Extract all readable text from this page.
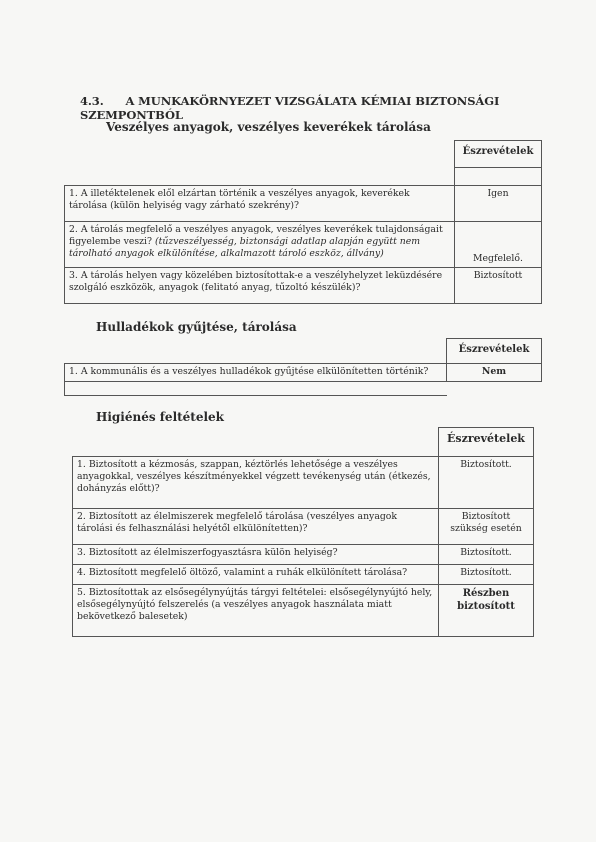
4.3. A MUNKAKÖRNYEZET VIZSGÁLATA KÉMIAI BIZTONSÁGI SZEMPONTBÓL
Veszélyes anyagok, veszélyes keverékek tárolása
	Észrevételek

1. A illetéktelenek elől elzártan történik a veszélyes anyagok, keverékek tárolása (külön helyiség vagy zárható szekrény)?	Igen
2. A tárolás megfelelő a veszélyes anyagok, veszélyes keverékek tulajdonságait figyelembe veszi? (tűzveszélyesség, biztonsági adatlap alapján együtt nem tárolható anyagok elkülönítése, alkalmazott tároló eszköz, állvány)	Megfelelő.
3. A tárolás helyen vagy közelében biztosítottak-e a veszélyhelyzet leküzdésére szolgáló eszközök, anyagok (felitató anyag, tűzoltó készülék)?	Biztosított
Hulladékok gyűjtése, tárolása
	Észrevételek
1. A kommunális és a veszélyes hulladékok gyűjtése elkülönítetten történik?	Nem

Higiénés feltételek
	Észrevételek
1. Biztosított a kézmosás, szappan, kéztörlés lehetősége a veszélyes anyagokkal, veszélyes készítményekkel végzett tevékenység után (étkezés, dohányzás előtt)?	Biztosított.
2. Biztosított az élelmiszerek megfelelő tárolása (veszélyes anyagok tárolási és felhasználási helyétől elkülönítetten)?	Biztosított szükség esetén
3. Biztosított az élelmiszerfogyasztásra külön helyiség?	Biztosított.
4. Biztosított megfelelő öltöző, valamint a ruhák elkülönített tárolása?	Biztosított.
5. Biztosítottak az elsősegélynyújtás tárgyi feltételei: elsősegélynyújtó hely, elsősegélynyújtó felszerelés (a veszélyes anyagok használata miatt bekövetkező balesetek)	Részben biztosított
